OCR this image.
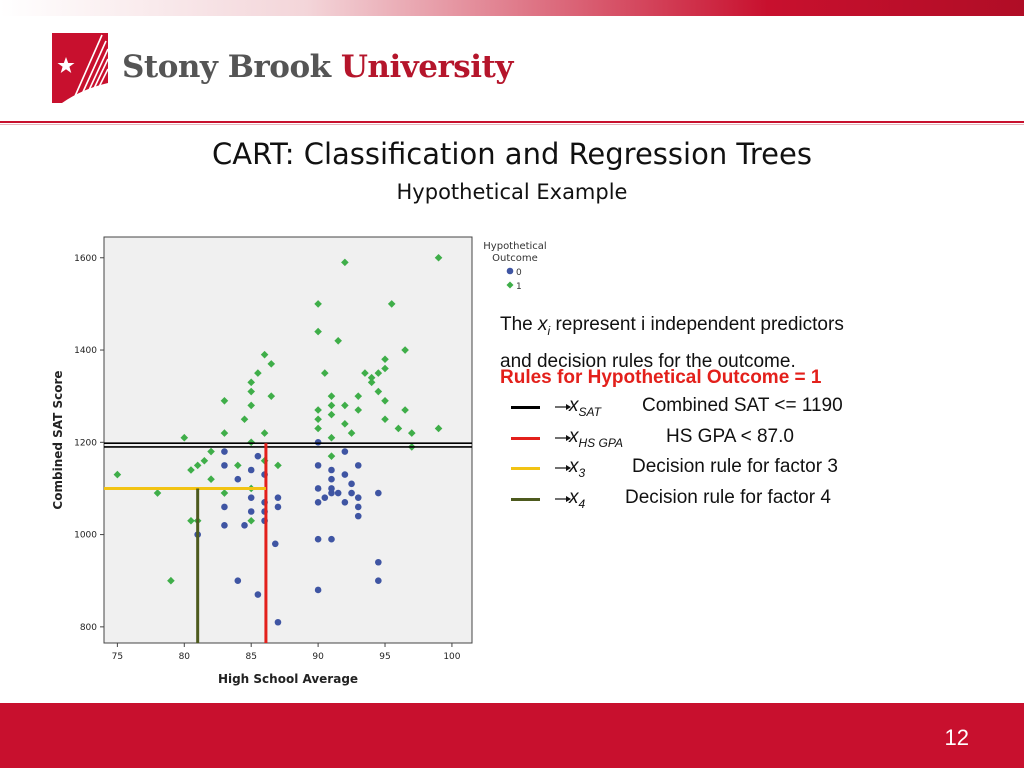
Stony Brook University
CART: Classification and Regression Trees
Hypothetical Example
75	80	85	90	95	100
800
1000
1200
1400
1600
High School Average
Combined SAT Score
Hypothetical Outcome
0
1
The $x_i$ represent i independent predictors
and decision rules for the outcome.
Rules for Hypothetical Outcome = 1
$x_{SAT}$ Combined SAT <= 1190
$x_{HS GPA}$ HS GPA < 87.0
$x_3$ Decision rule for factor 3
$x_4$ Decision rule for factor 4
12
